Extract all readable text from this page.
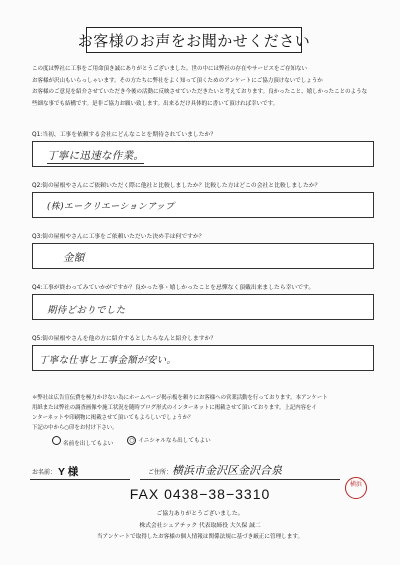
お客様のお声をお聞かせください
この度は弊社に工事をご用命頂き誠にありがとうございました。世の中には弊社の存在やサービスをご存知ない
お客様が沢山もいらっしゃいます。その方たちに弊社をよく知って頂くためのアンケートにご協力頂けないでしょうか
お客様のご意見を紹介させていただき今後の活動に反映させていただきたいと考えております。良かったこと、嬉しかったことのような
些細な事でも結構です。是非ご協力お願い致します。出来るだけ具体的に書いて頂ければ幸いです。
Q1:当初、工事を依頼する会社にどんなことを期待されていましたか？
丁寧に迅速な作業。
Q2:街の屋根やさんにご依頼いただく際に他社と比較しましたか？比較した方はどこの会社と比較しましたか？
(株)エークリエーションアップ
Q3:街の屋根やさんに工事をご依頼いただいた決め手は何ですか？
金額
Q4:工事が終わってみていかがですか？良かった事・嬉しかったことを忌憚なく頂戴出来ましたら幸いです。
期待どおりでした
Q5:街の屋根やさんを他の方に紹介するとしたらなんと紹介しますか？
丁寧な仕事と工事金額が安い。
＊弊社は広告宣伝費を極力かけない為にホームページ掲示板を頼りにお客様への営業活動を行っております。本アンケート
用紙または弊社の調査画像や施工状況を随時ブログ形式のインターネットに掲載させて頂いております。上記内容をイ
ンターネットや印刷物に掲載させて頂いてもよろしいでしょうか？
下記の中から○印をお付け下さい。
名前を出してもよい	○ イニシャルなら出してもよい
お名前： Y 様	ご住所： 横浜市金沢区金沢合泉
横浜
FAX 0438−38−3310
ご協力ありがとうございました。
株式会社シェアテック 代表取締役 大久保 誠二
当アンケートで取得したお客様の個人情報は関係法規に基づき厳正に管理します。
